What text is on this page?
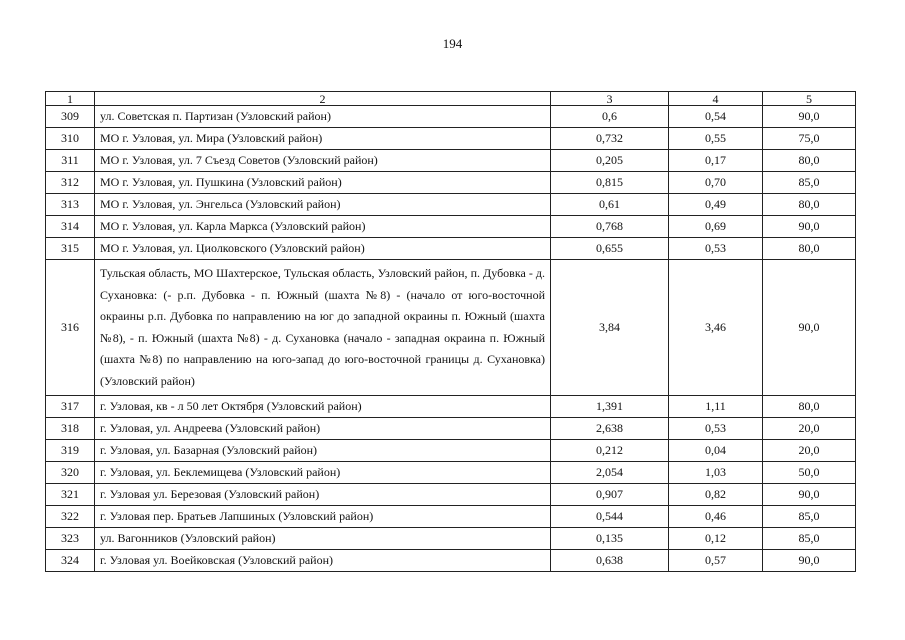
194
1	2	3	4	5
309	ул. Советская п. Партизан (Узловский район)	0,6	0,54	90,0
310	МО г. Узловая, ул. Мира (Узловский район)	0,732	0,55	75,0
311	МО г. Узловая, ул. 7 Съезд Советов (Узловский район)	0,205	0,17	80,0
312	МО г. Узловая, ул. Пушкина (Узловский район)	0,815	0,70	85,0
313	МО г. Узловая, ул. Энгельса (Узловский район)	0,61	0,49	80,0
314	МО г. Узловая, ул. Карла Маркса (Узловский район)	0,768	0,69	90,0
315	МО г. Узловая, ул. Циолковского (Узловский район)	0,655	0,53	80,0
316	Тульская область, МО Шахтерское, Тульская область, Узловский район, п. Дубовка - д. Сухановка: (- р.п. Дубовка - п. Южный (шахта №8) - (начало от юго-восточной окраины р.п. Дубовка по направлению на юг до западной окраины п. Южный (шахта №8), - п. Южный (шахта №8) - д. Сухановка (начало - западная окраина п. Южный (шахта №8) по направлению на юго-запад до юго-восточной границы д. Сухановка) (Узловский район)	3,84	3,46	90,0
317	г. Узловая, кв - л 50 лет Октября (Узловский район)	1,391	1,11	80,0
318	г. Узловая, ул. Андреева (Узловский район)	2,638	0,53	20,0
319	г. Узловая, ул. Базарная (Узловский район)	0,212	0,04	20,0
320	г. Узловая, ул. Беклемищева (Узловский район)	2,054	1,03	50,0
321	г. Узловая ул. Березовая (Узловский район)	0,907	0,82	90,0
322	г. Узловая пер. Братьев Лапшиных (Узловский район)	0,544	0,46	85,0
323	ул. Вагонников (Узловский район)	0,135	0,12	85,0
324	г. Узловая ул. Воейковская (Узловский район)	0,638	0,57	90,0
